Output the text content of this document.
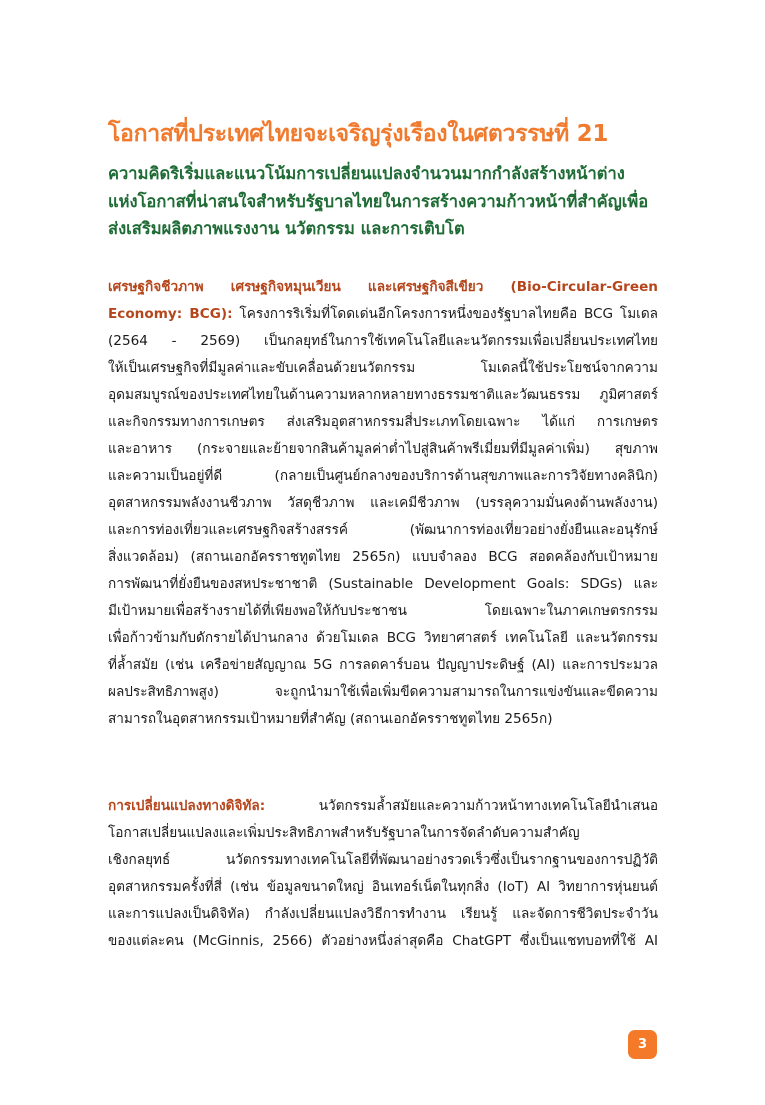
โอกาสที่ประเทศไทยจะเจริญรุ่งเรืองในศตวรรษที่ 21
ความคิดริเริ่มและแนวโน้มการเปลี่ยนแปลงจำนวนมากกำลังสร้างหน้าต่าง
แห่งโอกาสที่น่าสนใจสำหรับรัฐบาลไทยในการสร้างความก้าวหน้าที่สำคัญเพื่อ
ส่งเสริมผลิตภาพแรงงาน นวัตกรรม และการเติบโต
เศรษฐกิจชีวภาพ เศรษฐกิจหมุนเวียน และเศรษฐกิจสีเขียว (Bio-Circular-Green
Economy: BCG): โครงการริเริ่มที่โดดเด่นอีกโครงการหนึ่งของรัฐบาลไทยคือ BCG โมเดล
(2564 - 2569) เป็นกลยุทธ์ในการใช้เทคโนโลยีและนวัตกรรมเพื่อเปลี่ยนประเทศไทย
ให้เป็นเศรษฐกิจที่มีมูลค่าและขับเคลื่อนด้วยนวัตกรรม โมเดลนี้ใช้ประโยชน์จากความ
อุดมสมบูรณ์ของประเทศไทยในด้านความหลากหลายทางธรรมชาติและวัฒนธรรม ภูมิศาสตร์
และกิจกรรมทางการเกษตร ส่งเสริมอุตสาหกรรมสี่ประเภทโดยเฉพาะ ได้แก่ การเกษตร
และอาหาร (กระจายและย้ายจากสินค้ามูลค่าต่ำไปสู่สินค้าพรีเมี่ยมที่มีมูลค่าเพิ่ม) สุขภาพ
และความเป็นอยู่ที่ดี (กลายเป็นศูนย์กลางของบริการด้านสุขภาพและการวิจัยทางคลินิก)
อุตสาหกรรมพลังงานชีวภาพ วัสดุชีวภาพ และเคมีชีวภาพ (บรรลุความมั่นคงด้านพลังงาน)
และการท่องเที่ยวและเศรษฐกิจสร้างสรรค์ (พัฒนาการท่องเที่ยวอย่างยั่งยืนและอนุรักษ์
สิ่งแวดล้อม) (สถานเอกอัครราชทูตไทย 2565ก) แบบจำลอง BCG สอดคล้องกับเป้าหมาย
การพัฒนาที่ยั่งยืนของสหประชาชาติ (Sustainable Development Goals: SDGs) และ
มีเป้าหมายเพื่อสร้างรายได้ที่เพียงพอให้กับประชาชน โดยเฉพาะในภาคเกษตรกรรม
เพื่อก้าวข้ามกับดักรายได้ปานกลาง ด้วยโมเดล BCG วิทยาศาสตร์ เทคโนโลยี และนวัตกรรม
ที่ล้ำสมัย (เช่น เครือข่ายสัญญาณ 5G การลดคาร์บอน ปัญญาประดิษฐ์ (AI) และการประมวล
ผลประสิทธิภาพสูง) จะถูกนำมาใช้เพื่อเพิ่มขีดความสามารถในการแข่งขันและขีดความ
สามารถในอุตสาหกรรมเป้าหมายที่สำคัญ (สถานเอกอัครราชทูตไทย 2565ก)
การเปลี่ยนแปลงทางดิจิทัล: นวัตกรรมล้ำสมัยและความก้าวหน้าทางเทคโนโลยีนำเสนอ
โอกาสเปลี่ยนแปลงและเพิ่มประสิทธิภาพสำหรับรัฐบาลในการจัดลำดับความสำคัญ
เชิงกลยุทธ์ นวัตกรรมทางเทคโนโลยีที่พัฒนาอย่างรวดเร็วซึ่งเป็นรากฐานของการปฏิวัติ
อุตสาหกรรมครั้งที่สี่ (เช่น ข้อมูลขนาดใหญ่ อินเทอร์เน็ตในทุกสิ่ง (IoT) AI วิทยาการหุ่นยนต์
และการแปลงเป็นดิจิทัล) กำลังเปลี่ยนแปลงวิธีการทำงาน เรียนรู้ และจัดการชีวิตประจำวัน
ของแต่ละคน (McGinnis, 2566) ตัวอย่างหนึ่งล่าสุดคือ ChatGPT ซึ่งเป็นแชทบอทที่ใช้ AI
3
